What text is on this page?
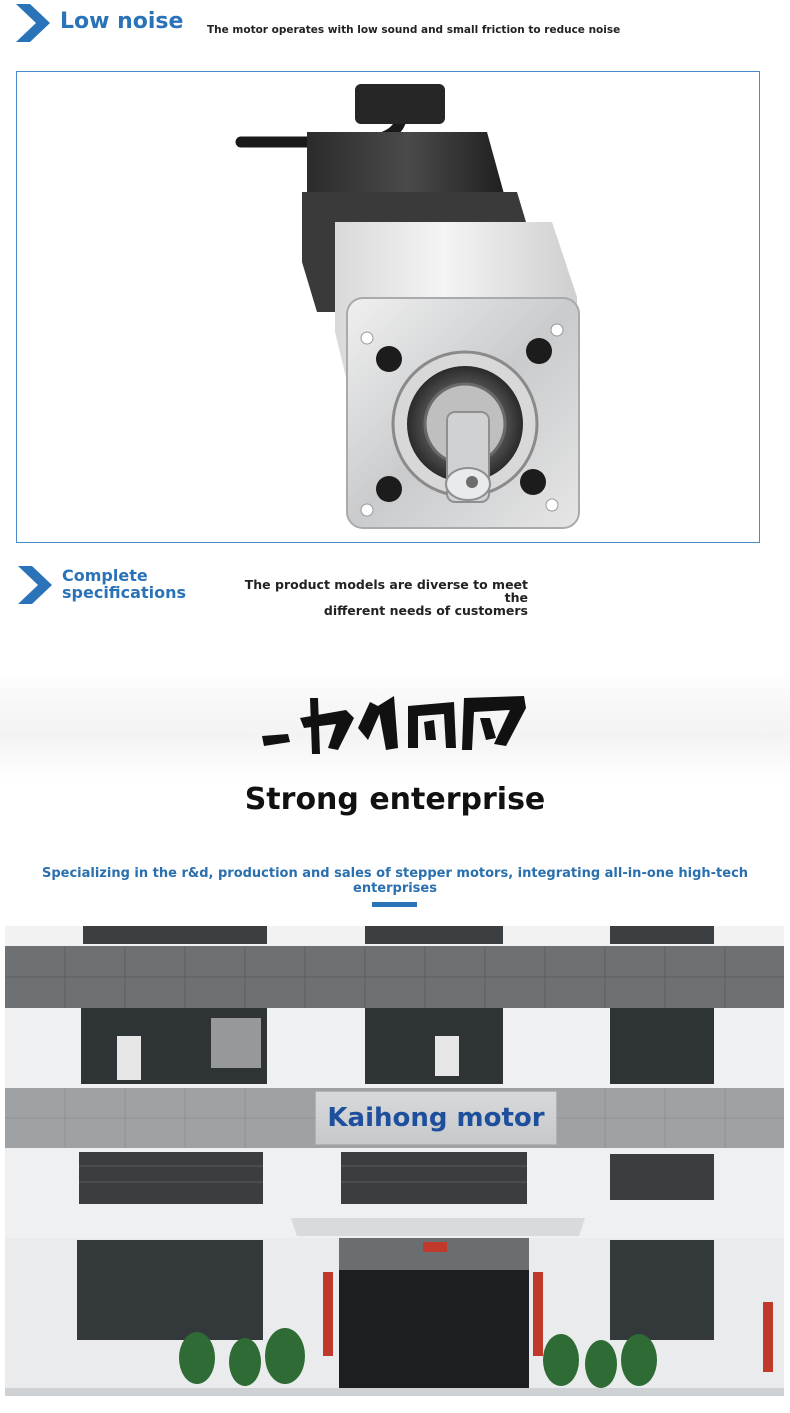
Low noise The motor operates with low sound and small friction to reduce noise
Complete
specifications	The product models are diverse to meet the
different needs of customers
Strong enterprise
Specializing in the r&d, production and sales of stepper motors, integrating all-in-one high-tech enterprises
Kaihong motor
